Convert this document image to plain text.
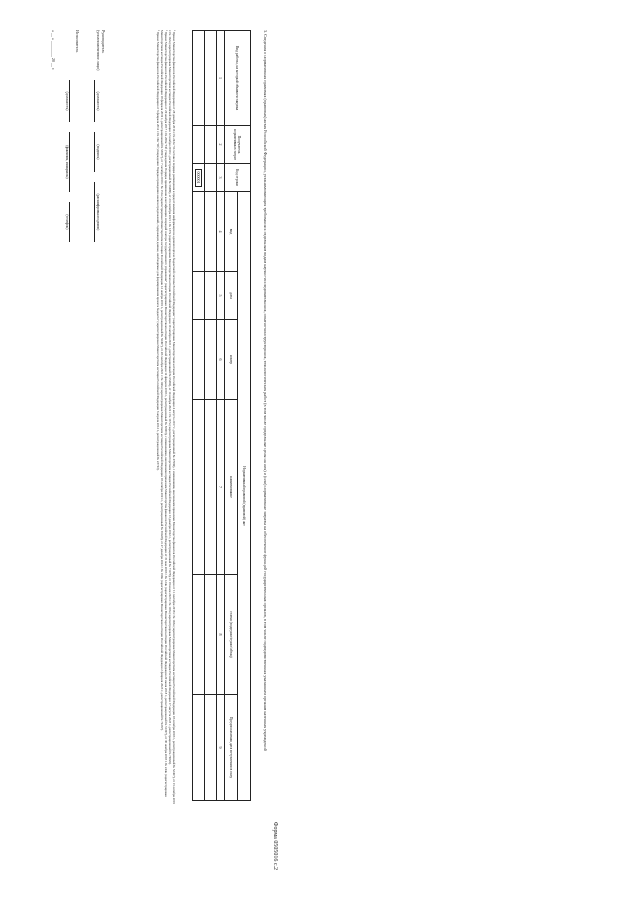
Форма 0505016 с.2
3. Сведения о нормативных правовых (правовых) актах Российской Федерации, устанавливающих требования к отдельным видам научно-исследовательских, опытно-конструкторских, технологических работ (в том числе предельные цены на них) и (или) нормативные затраты на обеспечение функций государственных органов, в том числе подведомственных указанным органам казенных учреждений
Вид работы, на который объявлен закупка	Получатель нормативных затрат	Код строки	Нормативный правовой (правовой) акт					
			вид	дата	номер	наименование	статья (подпункт/пункт/абзац)	Предполагаемая дата вступления в силу
1	2	3	4	5	6	7	8	9

		000001						

¹ Приказ Министерства финансов Российской Федерации от 28 декабря 2016 г. № 243н "О составе и порядке размещения и предоставления информации на едином портале бюджетной системы Российской Федерации" (зарегистрирован Министерством юстиции Российской Федерации 4 августа 2017 г., регистрационный № 47669), с изменениями, внесенными приказами Министерства финансов Российской Федерации от 11 сентября 2018 г. № 193н (зарегистрирован Министерством юстиции Российской Федерации 18 октября 2018 г., регистрационный № 52467), от 15 октября 2019 г. № 162н (зарегистрирован Министерством юстиции Российской Федерации 12 ноября 2019 г., регистрационный № 56489), от 23 сентября 2021 г. № 137н (зарегистрирован Министерством юстиции Российской Федерации 19 октября 2021 г., регистрационный № 65482), от 14 ноября 2022 г. № 167н (зарегистрирован Министерством юстиции Российской Федерации 13 декабря 2022 г., регистрационный № 71478), от 19 июля 2023 г. № 118н (зарегистрирован Министерством юстиции Российской Федерации 17 августа 2023 г., регистрационный № 74826).

² Приказ Министерства финансов Российской Федерации от 29 ноября 2017 г. № 209н "Об утверждении Порядка применения классификации операций сектора государственного управления" (зарегистрирован Министерством юстиции Российской Федерации 12 февраля 2018 г., регистрационный № 50003), с изменениями, внесенными приказами Министерства финансов Российской Федерации от 31 мая 2018 г. № 124н (зарегистрирован Министерством юстиции Российской Федерации 20 июня 2018 г., регистрационный № 51397), от 30 ноября 2018 г. № 244н (зарегистрирован Министерством юстиции Российской Федерации 18 февраля 2019 г., регистрационный № 53827), от 7 октября 2019 г. № 151н (зарегистрирован Министерством юстиции Российской Федерации 12 ноября 2019 г., регистрационный № 56497), от 28 сентября 2021 г. № 140н (зарегистрирован Министерством юстиции Российской Федерации 18 октября 2021 г., регистрационный № 65428), от 27 декабря 2022 г. № 199н (зарегистрирован Министерством юстиции Российской Федерации 2 февраля 2023 г., регистрационный № 72267).

³ Приказ Министерства финансов Российской Федерации от 6 февраля 2012 г. № 19н "Об утверждении Порядка проведения анализа предложений, содержащих данные, необходимые для формирования проекта бюджета" (зарегистрирован Министерством юстиции Российской Федерации 6 апреля 2012 г., регистрационный № 23743).

Руководитель (уполномоченное лицо)
(должность)
(подпись)
(расшифровка подписи)
Исполнитель
(должность)
(фамилия, инициалы)
(телефон)
« __ » ________ 20 __ г.
